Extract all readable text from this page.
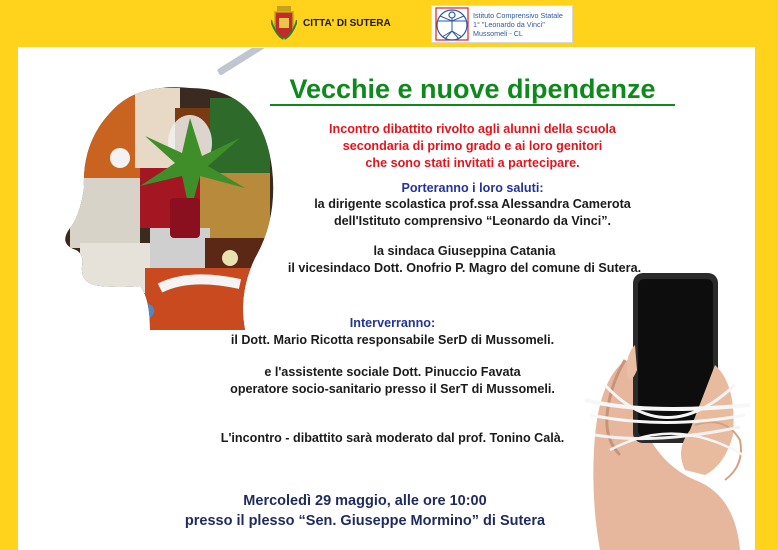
CITTA' DI SUTERA
Istituto Comprensivo Statale
1° "Leonardo da Vinci"
Mussomeli - CL
Vecchie e nuove dipendenze
Incontro dibattito rivolto agli alunni della scuola
secondaria di primo grado e ai loro genitori
che sono stati invitati a partecipare.
Porteranno i loro saluti:
la dirigente scolastica prof.ssa Alessandra Camerota
dell'Istituto comprensivo “Leonardo da Vinci”.
la sindaca Giuseppina Catania
il vicesindaco Dott. Onofrio P. Magro del comune di Sutera.
Interverranno:
il Dott. Mario Ricotta responsabile SerD di Mussomeli.
e l'assistente sociale Dott. Pinuccio Favata
operatore socio-sanitario presso il SerT di Mussomeli.
L'incontro - dibattito sarà moderato dal prof. Tonino Calà.
Mercoledì 29 maggio, alle ore 10:00
presso il plesso “Sen. Giuseppe Mormino” di Sutera
